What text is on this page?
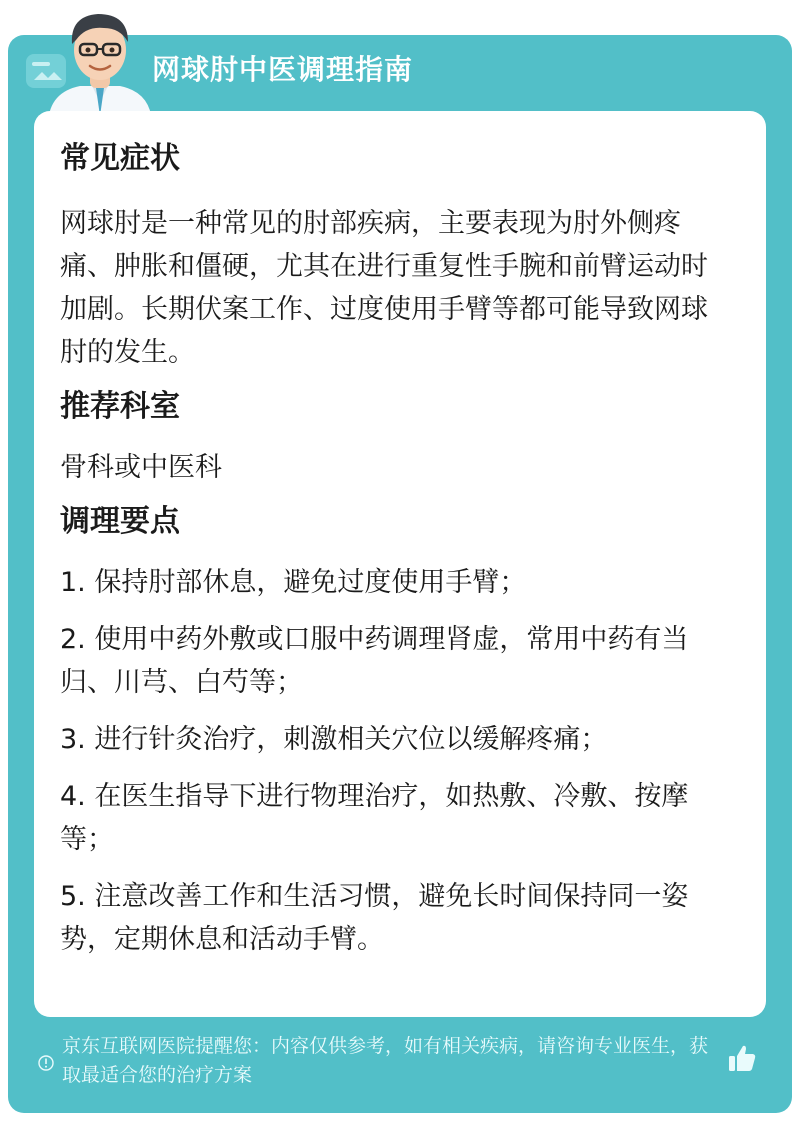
网球肘中医调理指南
常见症状

网球肘是一种常见的肘部疾病，主要表现为肘外侧疼痛、肿胀和僵硬，尤其在进行重复性手腕和前臂运动时加剧。长期伏案工作、过度使用手臂等都可能导致网球肘的发生。

推荐科室

骨科或中医科

调理要点

1. 保持肘部休息，避免过度使用手臂；

2. 使用中药外敷或口服中药调理肾虚，常用中药有当归、川芎、白芍等；

3. 进行针灸治疗，刺激相关穴位以缓解疼痛；

4. 在医生指导下进行物理治疗，如热敷、冷敷、按摩等；

5. 注意改善工作和生活习惯，避免长时间保持同一姿势，定期休息和活动手臂。

京东互联网医院提醒您：内容仅供参考，如有相关疾病，请咨询专业医生，获取最适合您的治疗方案
